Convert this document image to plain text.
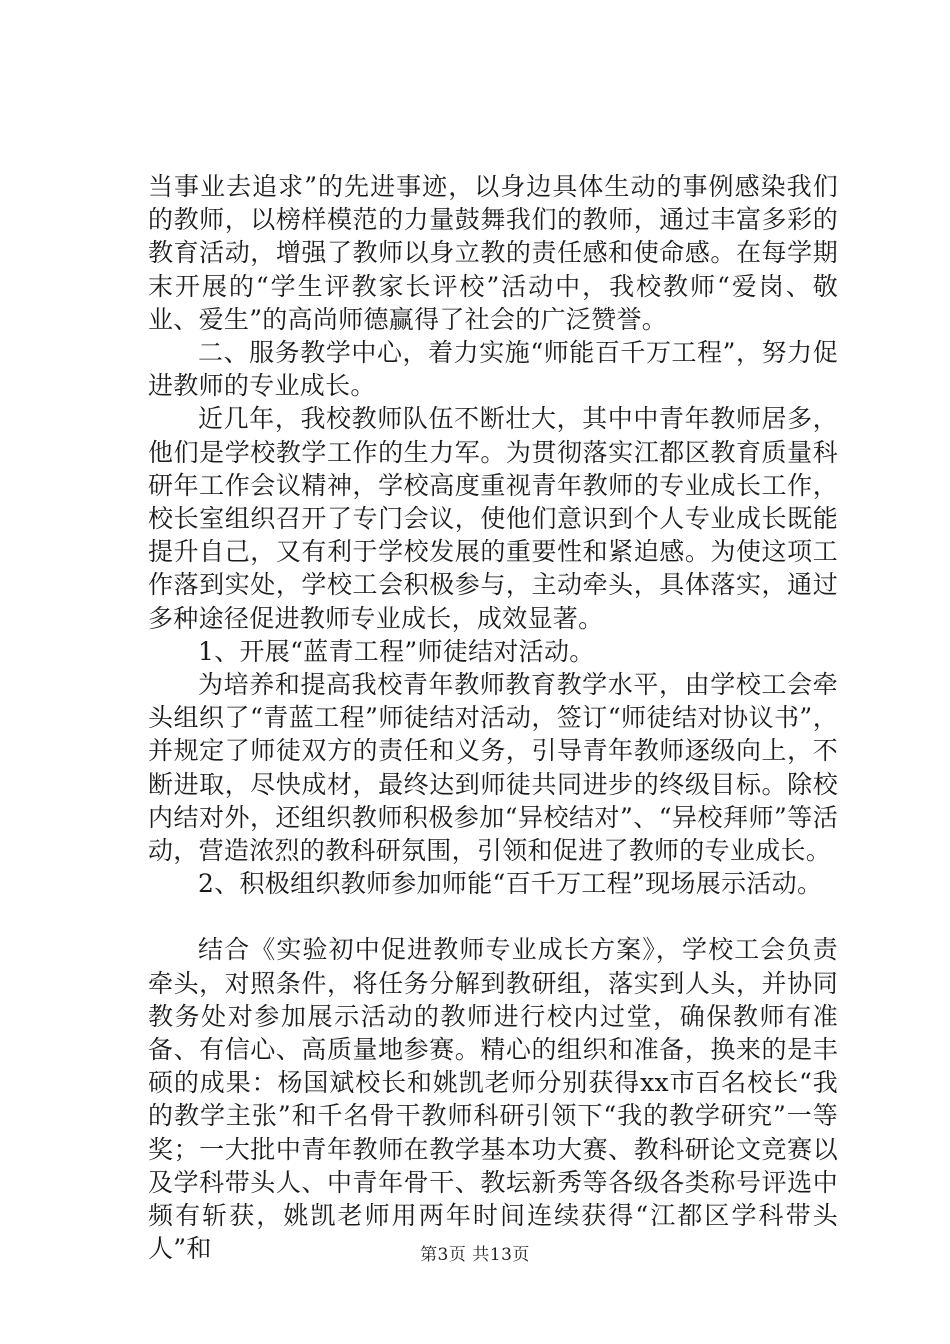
当事业去追求”的先进事迹，以身边具体生动的事例感染我们的教师，以榜样模范的力量鼓舞我们的教师，通过丰富多彩的教育活动，增强了教师以身立教的责任感和使命感。在每学期末开展的“学生评教家长评校”活动中，我校教师“爱岗、敬业、爱生”的高尚师德赢得了社会的广泛赞誉。

二、服务教学中心，着力实施“师能百千万工程”，努力促进教师的专业成长。

近几年，我校教师队伍不断壮大，其中中青年教师居多，他们是学校教学工作的生力军。为贯彻落实江都区教育质量科研年工作会议精神，学校高度重视青年教师的专业成长工作，校长室组织召开了专门会议，使他们意识到个人专业成长既能提升自己，又有利于学校发展的重要性和紧迫感。为使这项工作落到实处，学校工会积极参与，主动牵头，具体落实，通过多种途径促进教师专业成长，成效显著。

1、开展“蓝青工程”师徒结对活动。

为培养和提高我校青年教师教育教学水平，由学校工会牵头组织了“青蓝工程”师徒结对活动，签订“师徒结对协议书”，并规定了师徒双方的责任和义务，引导青年教师逐级向上，不断进取，尽快成材，最终达到师徒共同进步的终级目标。除校内结对外，还组织教师积极参加“异校结对”、“异校拜师”等活动，营造浓烈的教科研氛围，引领和促进了教师的专业成长。

2、积极组织教师参加师能“百千万工程”现场展示活动。

结合《实验初中促进教师专业成长方案》，学校工会负责牵头，对照条件，将任务分解到教研组，落实到人头，并协同教务处对参加展示活动的教师进行校内过堂，确保教师有准备、有信心、高质量地参赛。精心的组织和准备，换来的是丰硕的成果：杨国斌校长和姚凯老师分别获得xx市百名校长“我的教学主张”和千名骨干教师科研引领下“我的教学研究”一等奖；一大批中青年教师在教学基本功大赛、教科研论文竞赛以及学科带头人、中青年骨干、教坛新秀等各级各类称号评选中频有斩获，姚凯老师用两年时间连续获得“江都区学科带头人”和	第3页 共13页
